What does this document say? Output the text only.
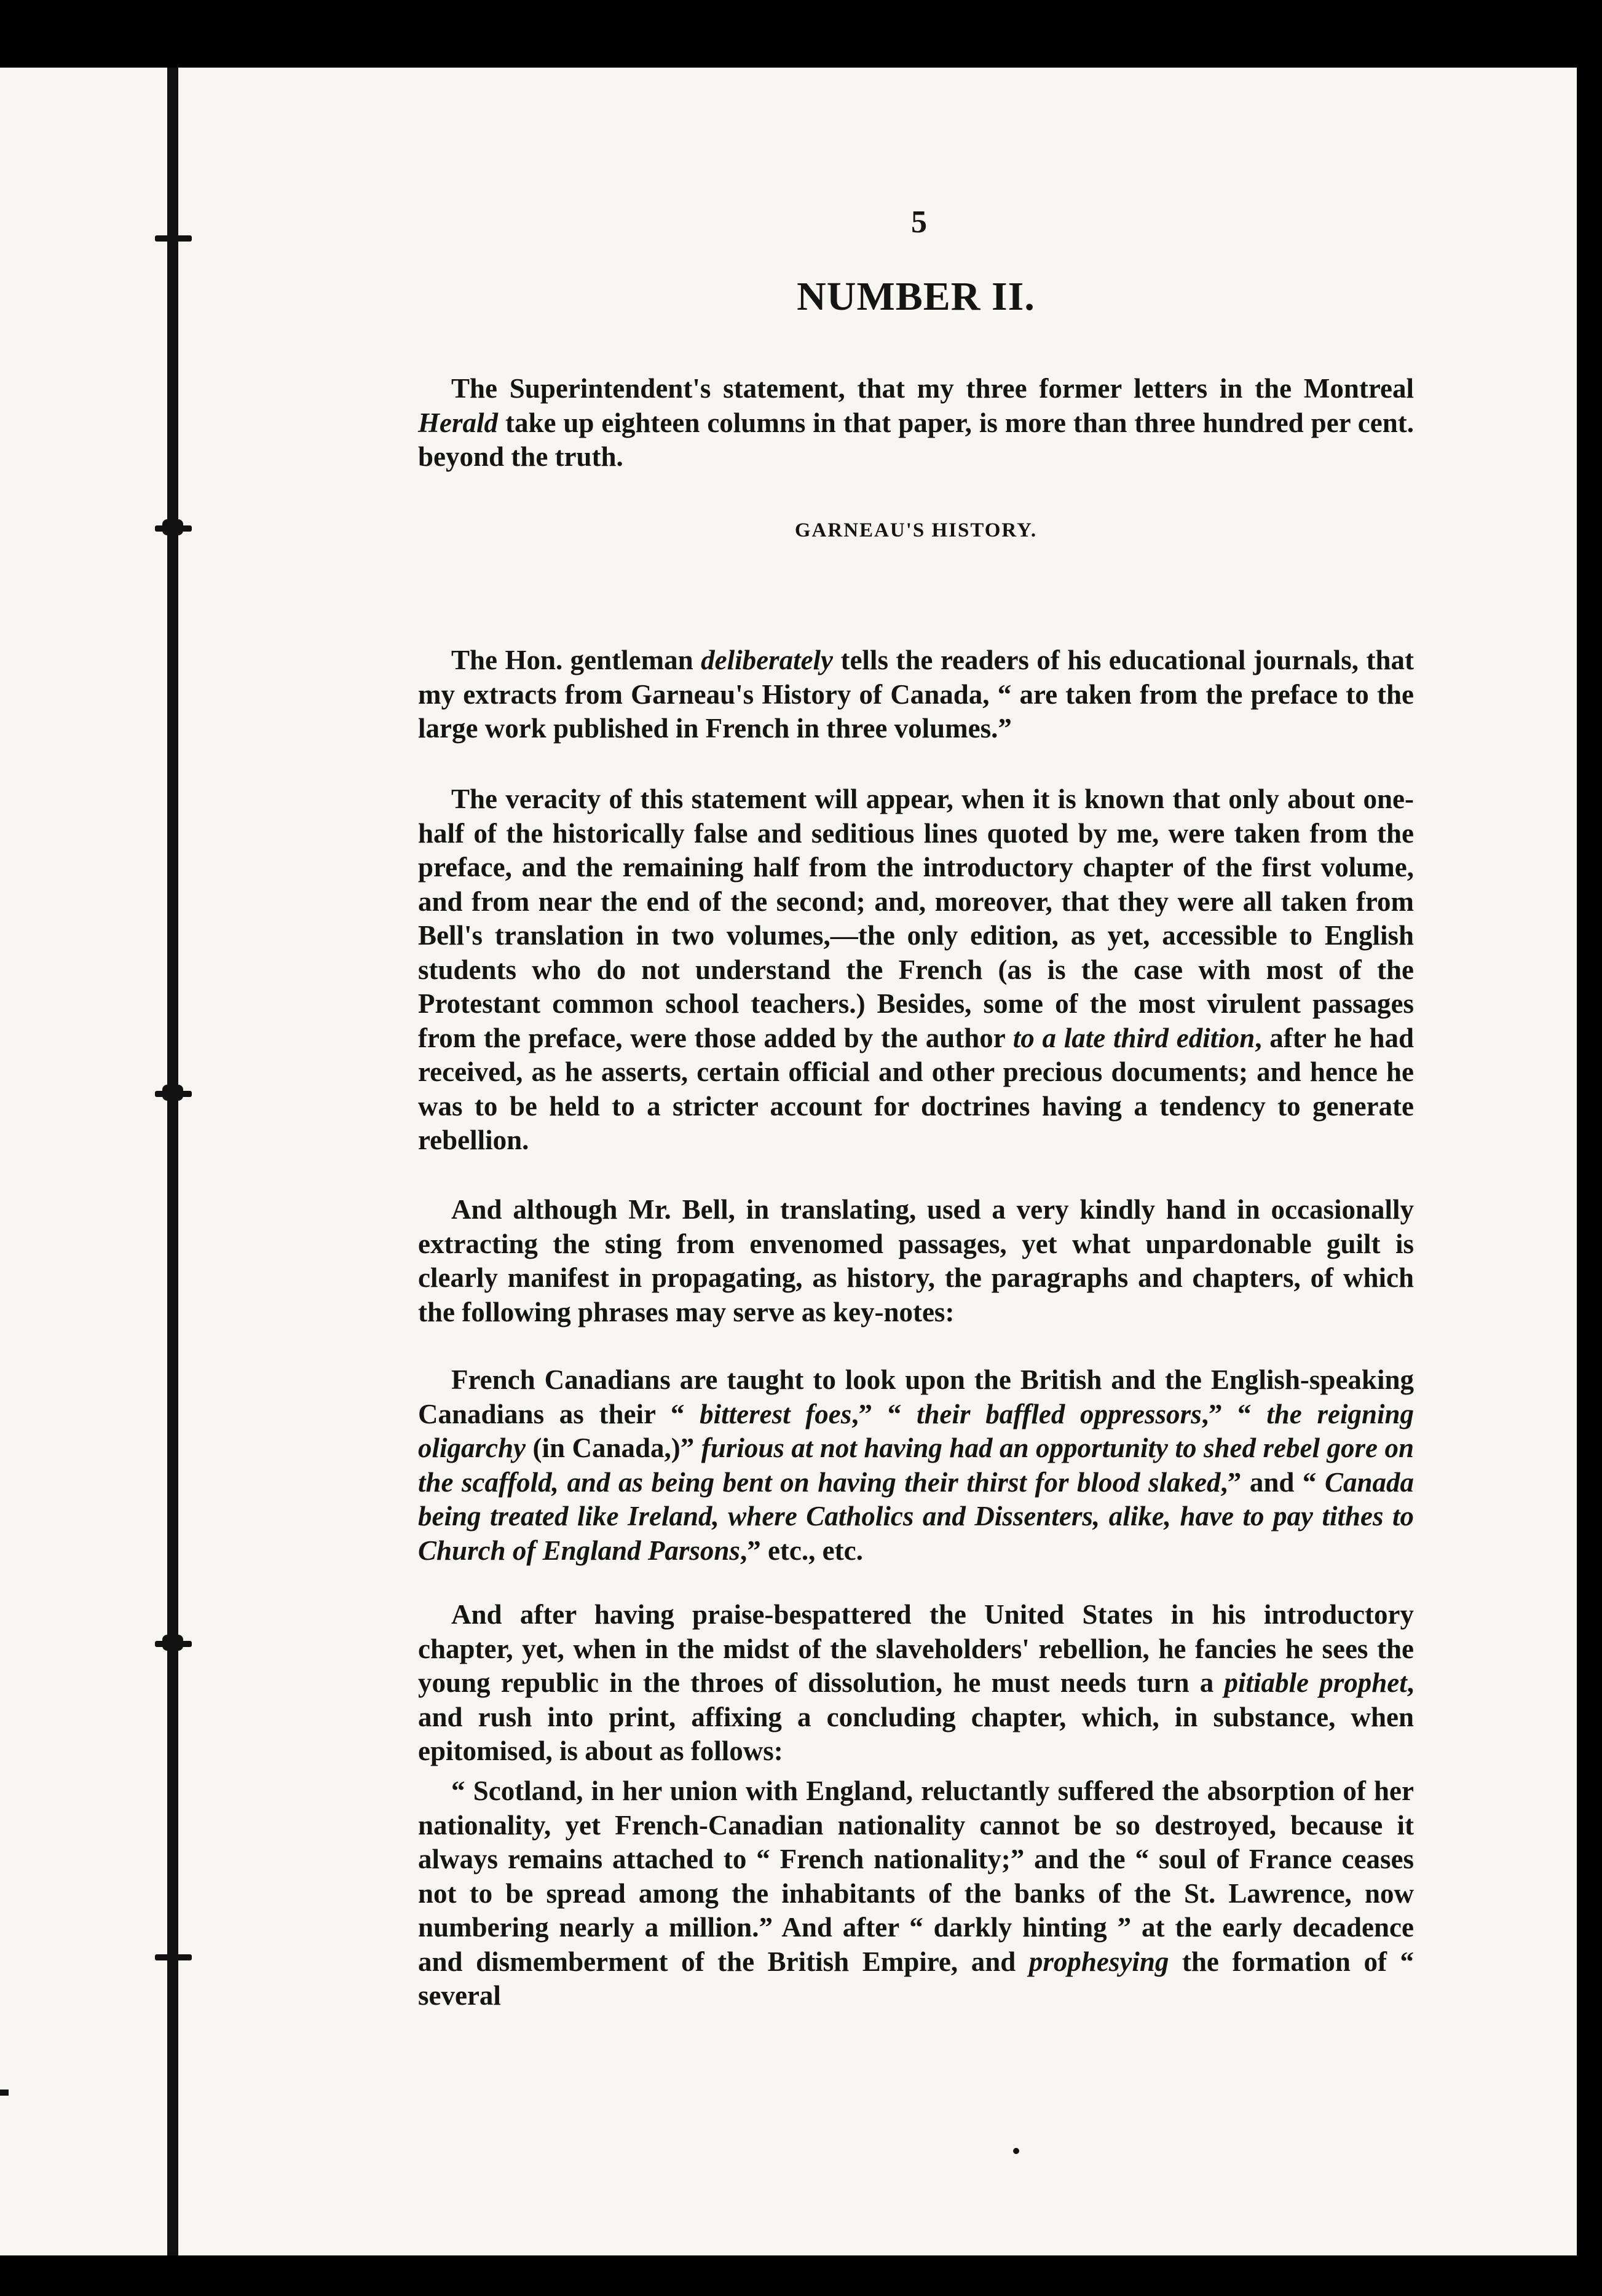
5

NUMBER II.

The Superintendent's statement, that my three former letters in the Montreal Herald take up eighteen columns in that paper, is more than three hundred per cent. beyond the truth.

GARNEAU'S HISTORY.

The Hon. gentleman deliberately tells the readers of his educational journals, that my extracts from Garneau's History of Canada, “ are taken from the preface to the large work published in French in three volumes.”

The veracity of this statement will appear, when it is known that only about one-half of the historically false and seditious lines quoted by me, were taken from the preface, and the remaining half from the introductory chapter of the first volume, and from near the end of the second; and, moreover, that they were all taken from Bell's translation in two volumes,—the only edition, as yet, accessible to English students who do not understand the French (as is the case with most of the Protestant common school teachers.) Besides, some of the most virulent passages from the preface, were those added by the author to a late third edition, after he had received, as he asserts, certain official and other precious documents; and hence he was to be held to a stricter account for doctrines having a tendency to generate rebellion.

And although Mr. Bell, in translating, used a very kindly hand in occasionally extracting the sting from envenomed passages, yet what unpardonable guilt is clearly manifest in propagating, as history, the paragraphs and chapters, of which the following phrases may serve as key-notes:

French Canadians are taught to look upon the British and the English-speaking Canadians as their “ bitterest foes,” “ their baffled oppressors,” “ the reigning oligarchy (in Canada,)” furious at not having had an opportunity to shed rebel gore on the scaffold, and as being bent on having their thirst for blood slaked,” and “ Canada being treated like Ireland, where Catholics and Dissenters, alike, have to pay tithes to Church of England Parsons,” etc., etc.

And after having praise-bespattered the United States in his introductory chapter, yet, when in the midst of the slaveholders' rebellion, he fancies he sees the young republic in the throes of dissolution, he must needs turn a pitiable prophet, and rush into print, affixing a concluding chapter, which, in substance, when epitomised, is about as follows:

“ Scotland, in her union with England, reluctantly suffered the absorption of her nationality, yet French-Canadian nationality cannot be so destroyed, because it always remains attached to “ French nationality;” and the “ soul of France ceases not to be spread among the inhabitants of the banks of the St. Lawrence, now numbering nearly a million.” And after “ darkly hinting ” at the early decadence and dismemberment of the British Empire, and prophesying the formation of “ several
